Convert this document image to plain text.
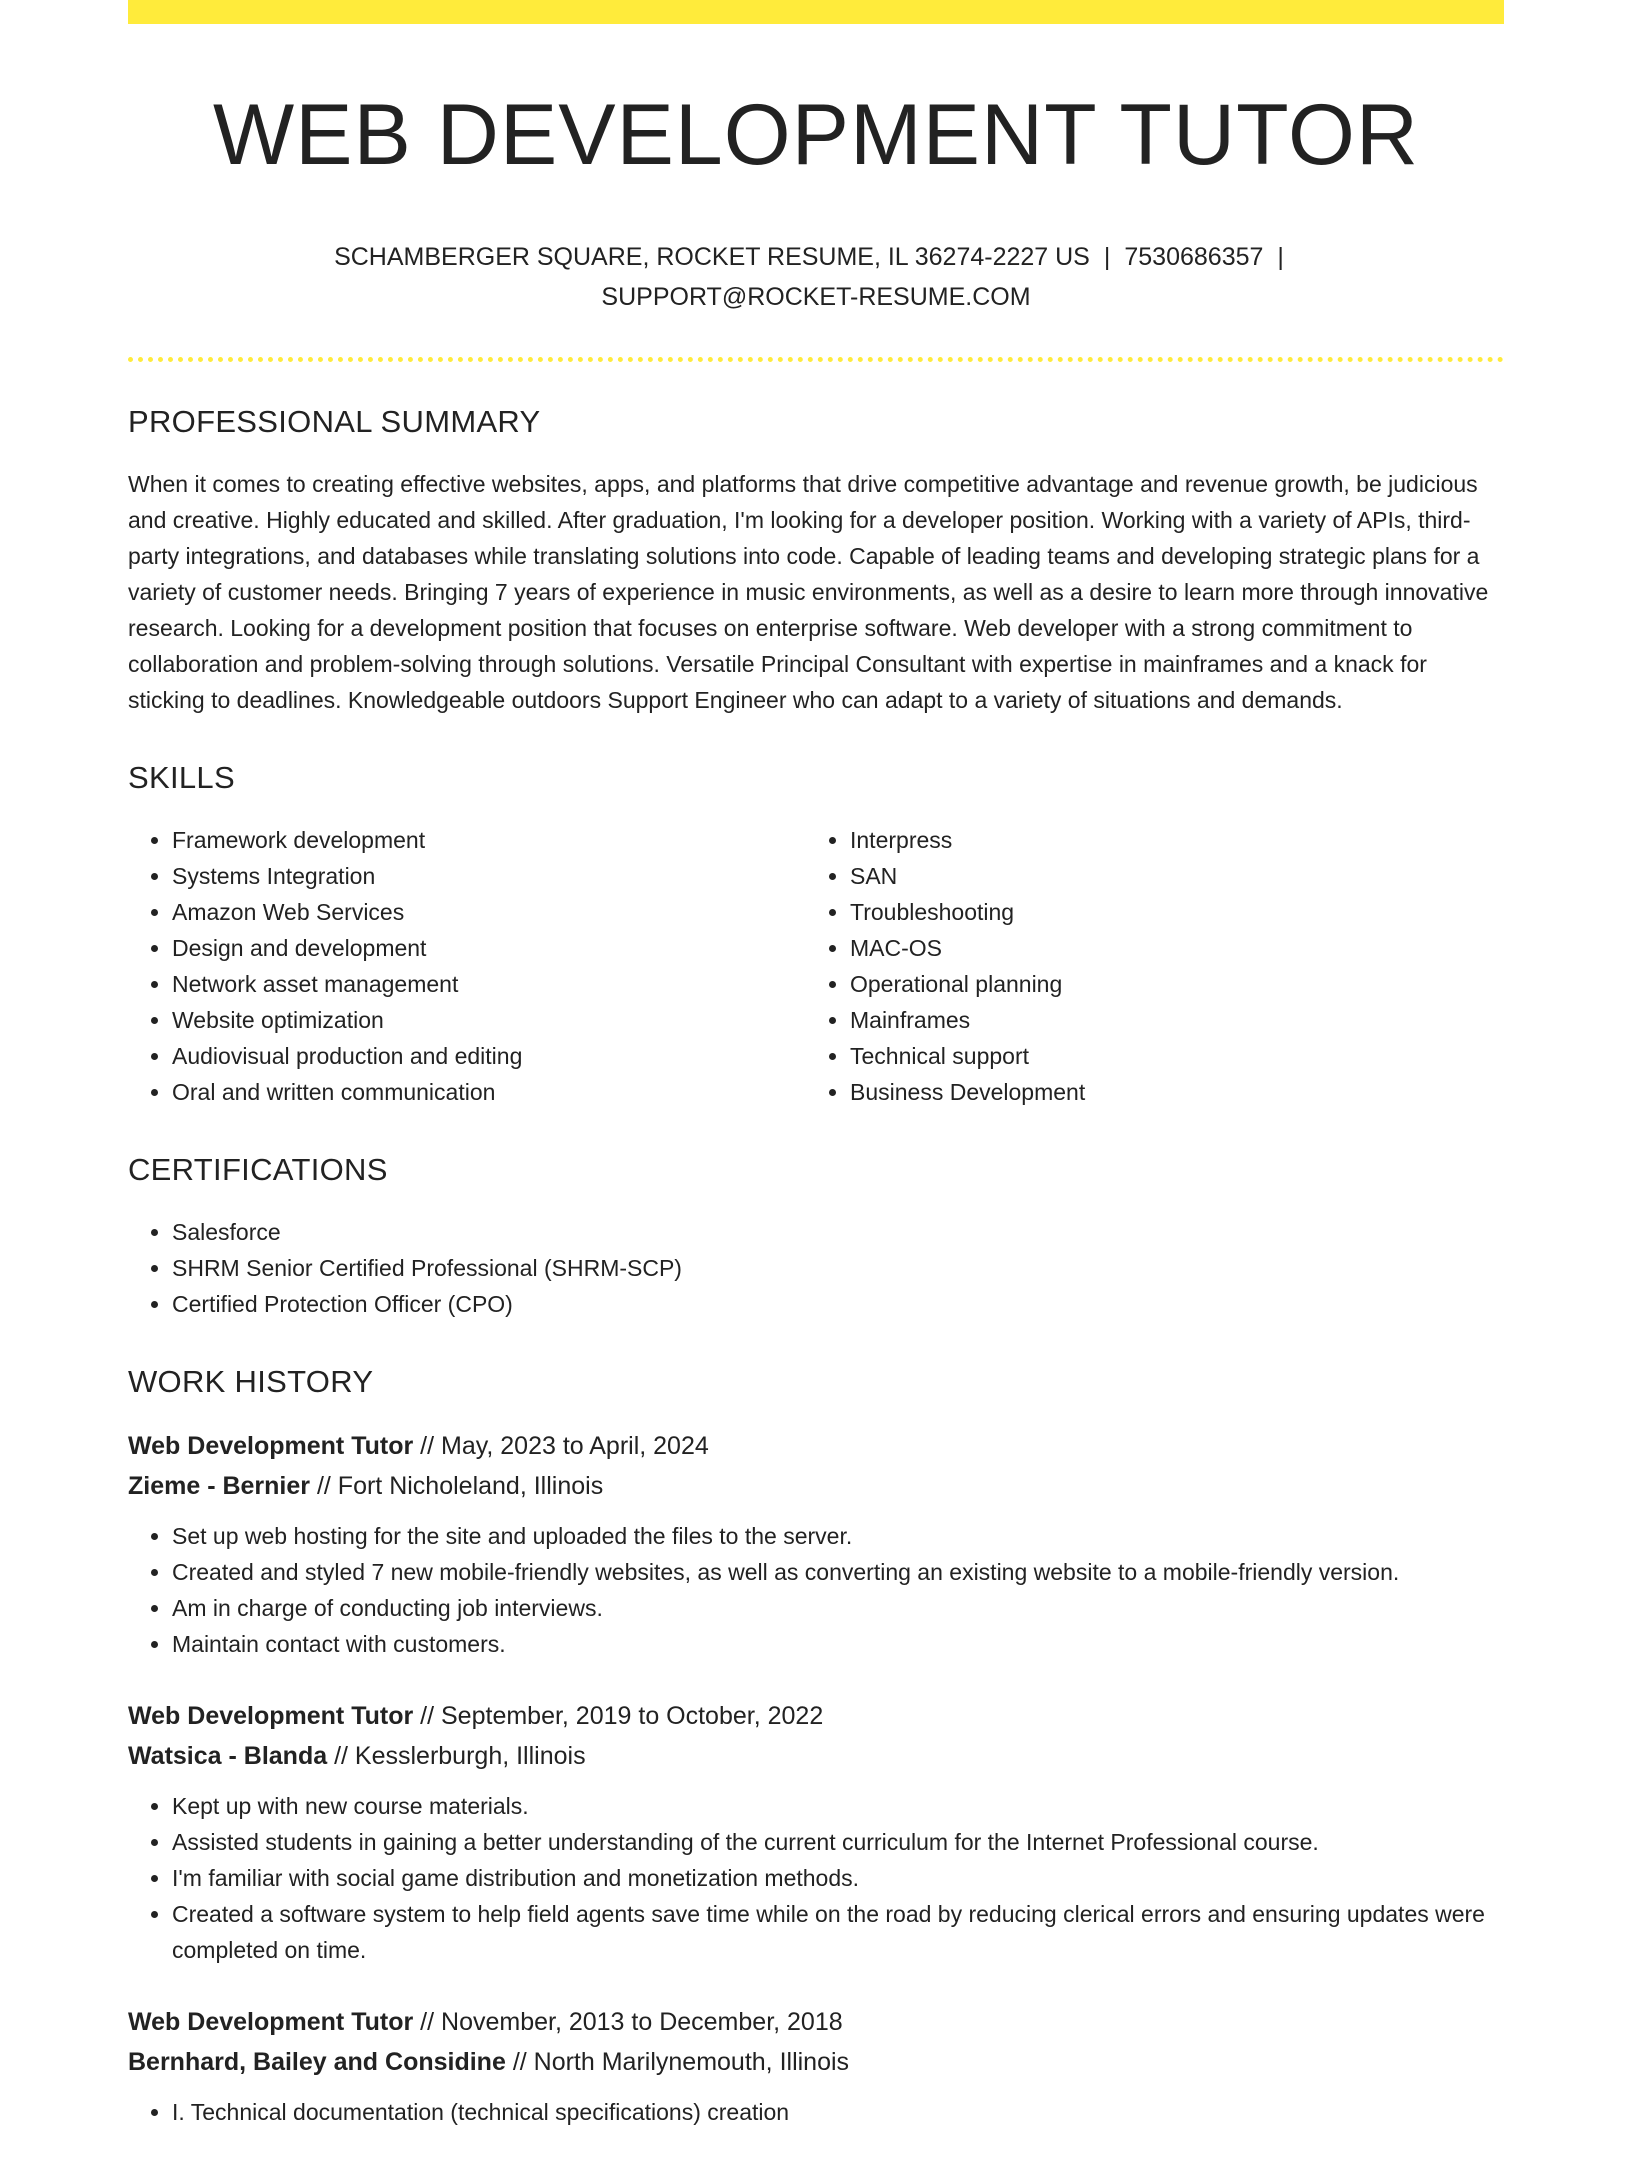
WEB DEVELOPMENT TUTOR
SCHAMBERGER SQUARE, ROCKET RESUME, IL 36274-2227 US | 7530686357 |
SUPPORT@ROCKET-RESUME.COM
PROFESSIONAL SUMMARY

When it comes to creating effective websites, apps, and platforms that drive competitive advantage and revenue growth, be judicious and creative. Highly educated and skilled. After graduation, I'm looking for a developer position. Working with a variety of APIs, third-party integrations, and databases while translating solutions into code. Capable of leading teams and developing strategic plans for a variety of customer needs. Bringing 7 years of experience in music environments, as well as a desire to learn more through innovative research. Looking for a development position that focuses on enterprise software. Web developer with a strong commitment to collaboration and problem-solving through solutions. Versatile Principal Consultant with expertise in mainframes and a knack for sticking to deadlines. Knowledgeable outdoors Support Engineer who can adapt to a variety of situations and demands.

SKILLS
• Framework development
• Systems Integration
• Amazon Web Services
• Design and development
• Network asset management
• Website optimization
• Audiovisual production and editing
• Oral and written communication
• Interpress
• SAN
• Troubleshooting
• MAC-OS
• Operational planning
• Mainframes
• Technical support
• Business Development
CERTIFICATIONS
• Salesforce
• SHRM Senior Certified Professional (SHRM-SCP)
• Certified Protection Officer (CPO)
WORK HISTORY
Web Development Tutor // May, 2023 to April, 2024
Zieme - Bernier // Fort Nicholeland, Illinois
• Set up web hosting for the site and uploaded the files to the server.
• Created and styled 7 new mobile-friendly websites, as well as converting an existing website to a mobile-friendly version.
• Am in charge of conducting job interviews.
• Maintain contact with customers.
Web Development Tutor // September, 2019 to October, 2022
Watsica - Blanda // Kesslerburgh, Illinois
• Kept up with new course materials.
• Assisted students in gaining a better understanding of the current curriculum for the Internet Professional course.
• I'm familiar with social game distribution and monetization methods.
• Created a software system to help field agents save time while on the road by reducing clerical errors and ensuring updates were completed on time.
Web Development Tutor // November, 2013 to December, 2018
Bernhard, Bailey and Considine // North Marilynemouth, Illinois
• I. Technical documentation (technical specifications) creation
